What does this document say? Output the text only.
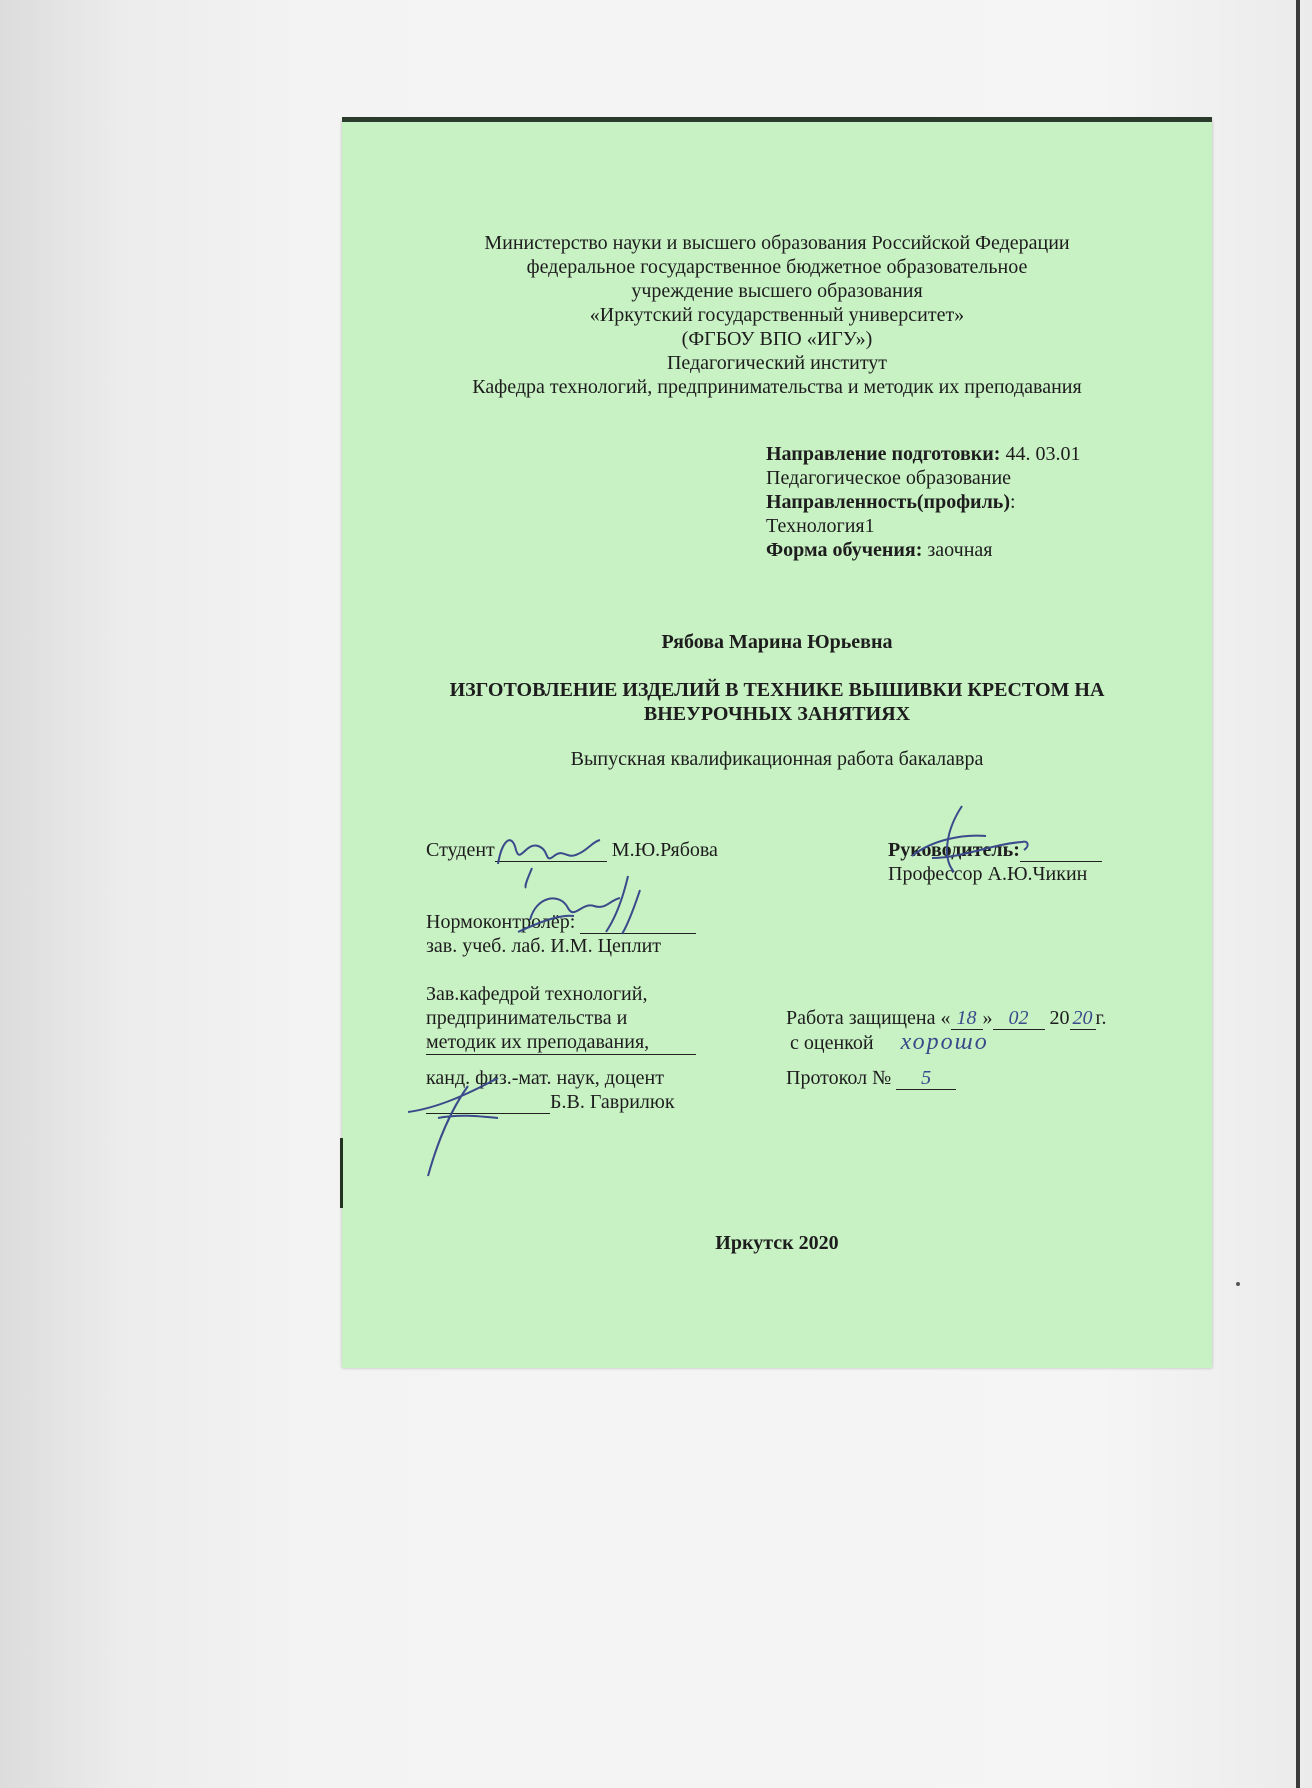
Министерство науки и высшего образования Российской Федерации
федеральное государственное бюджетное образовательное
учреждение высшего образования
«Иркутский государственный университет»
(ФГБОУ ВПО «ИГУ»)
Педагогический институт
Кафедра технологий, предпринимательства и методик их преподавания
Направление подготовки: 44. 03.01
Педагогическое образование
Направленность(профиль):
Технология1
Форма обучения: заочная
Рябова Марина Юрьевна
ИЗГОТОВЛЕНИЕ ИЗДЕЛИЙ В ТЕХНИКЕ ВЫШИВКИ КРЕСТОМ НА
ВНЕУРОЧНЫХ ЗАНЯТИЯХ
Выпускная квалификационная работа бакалавра
Студент	М.Ю.Рябова	Руководитель:
Профессор А.Ю.Чикин
Нормоконтролёр:
зав. учеб. лаб. И.М. Цеплит
Зав.кафедрой технологий,
предпринимательства и
методик их преподавания,
канд. физ.-мат. наук, доцент
Б.В. Гаврилюк
Работа защищена « 18 » 02 20 20 г.
с оценкой хорошо
Протокол № 5
Иркутск 2020
